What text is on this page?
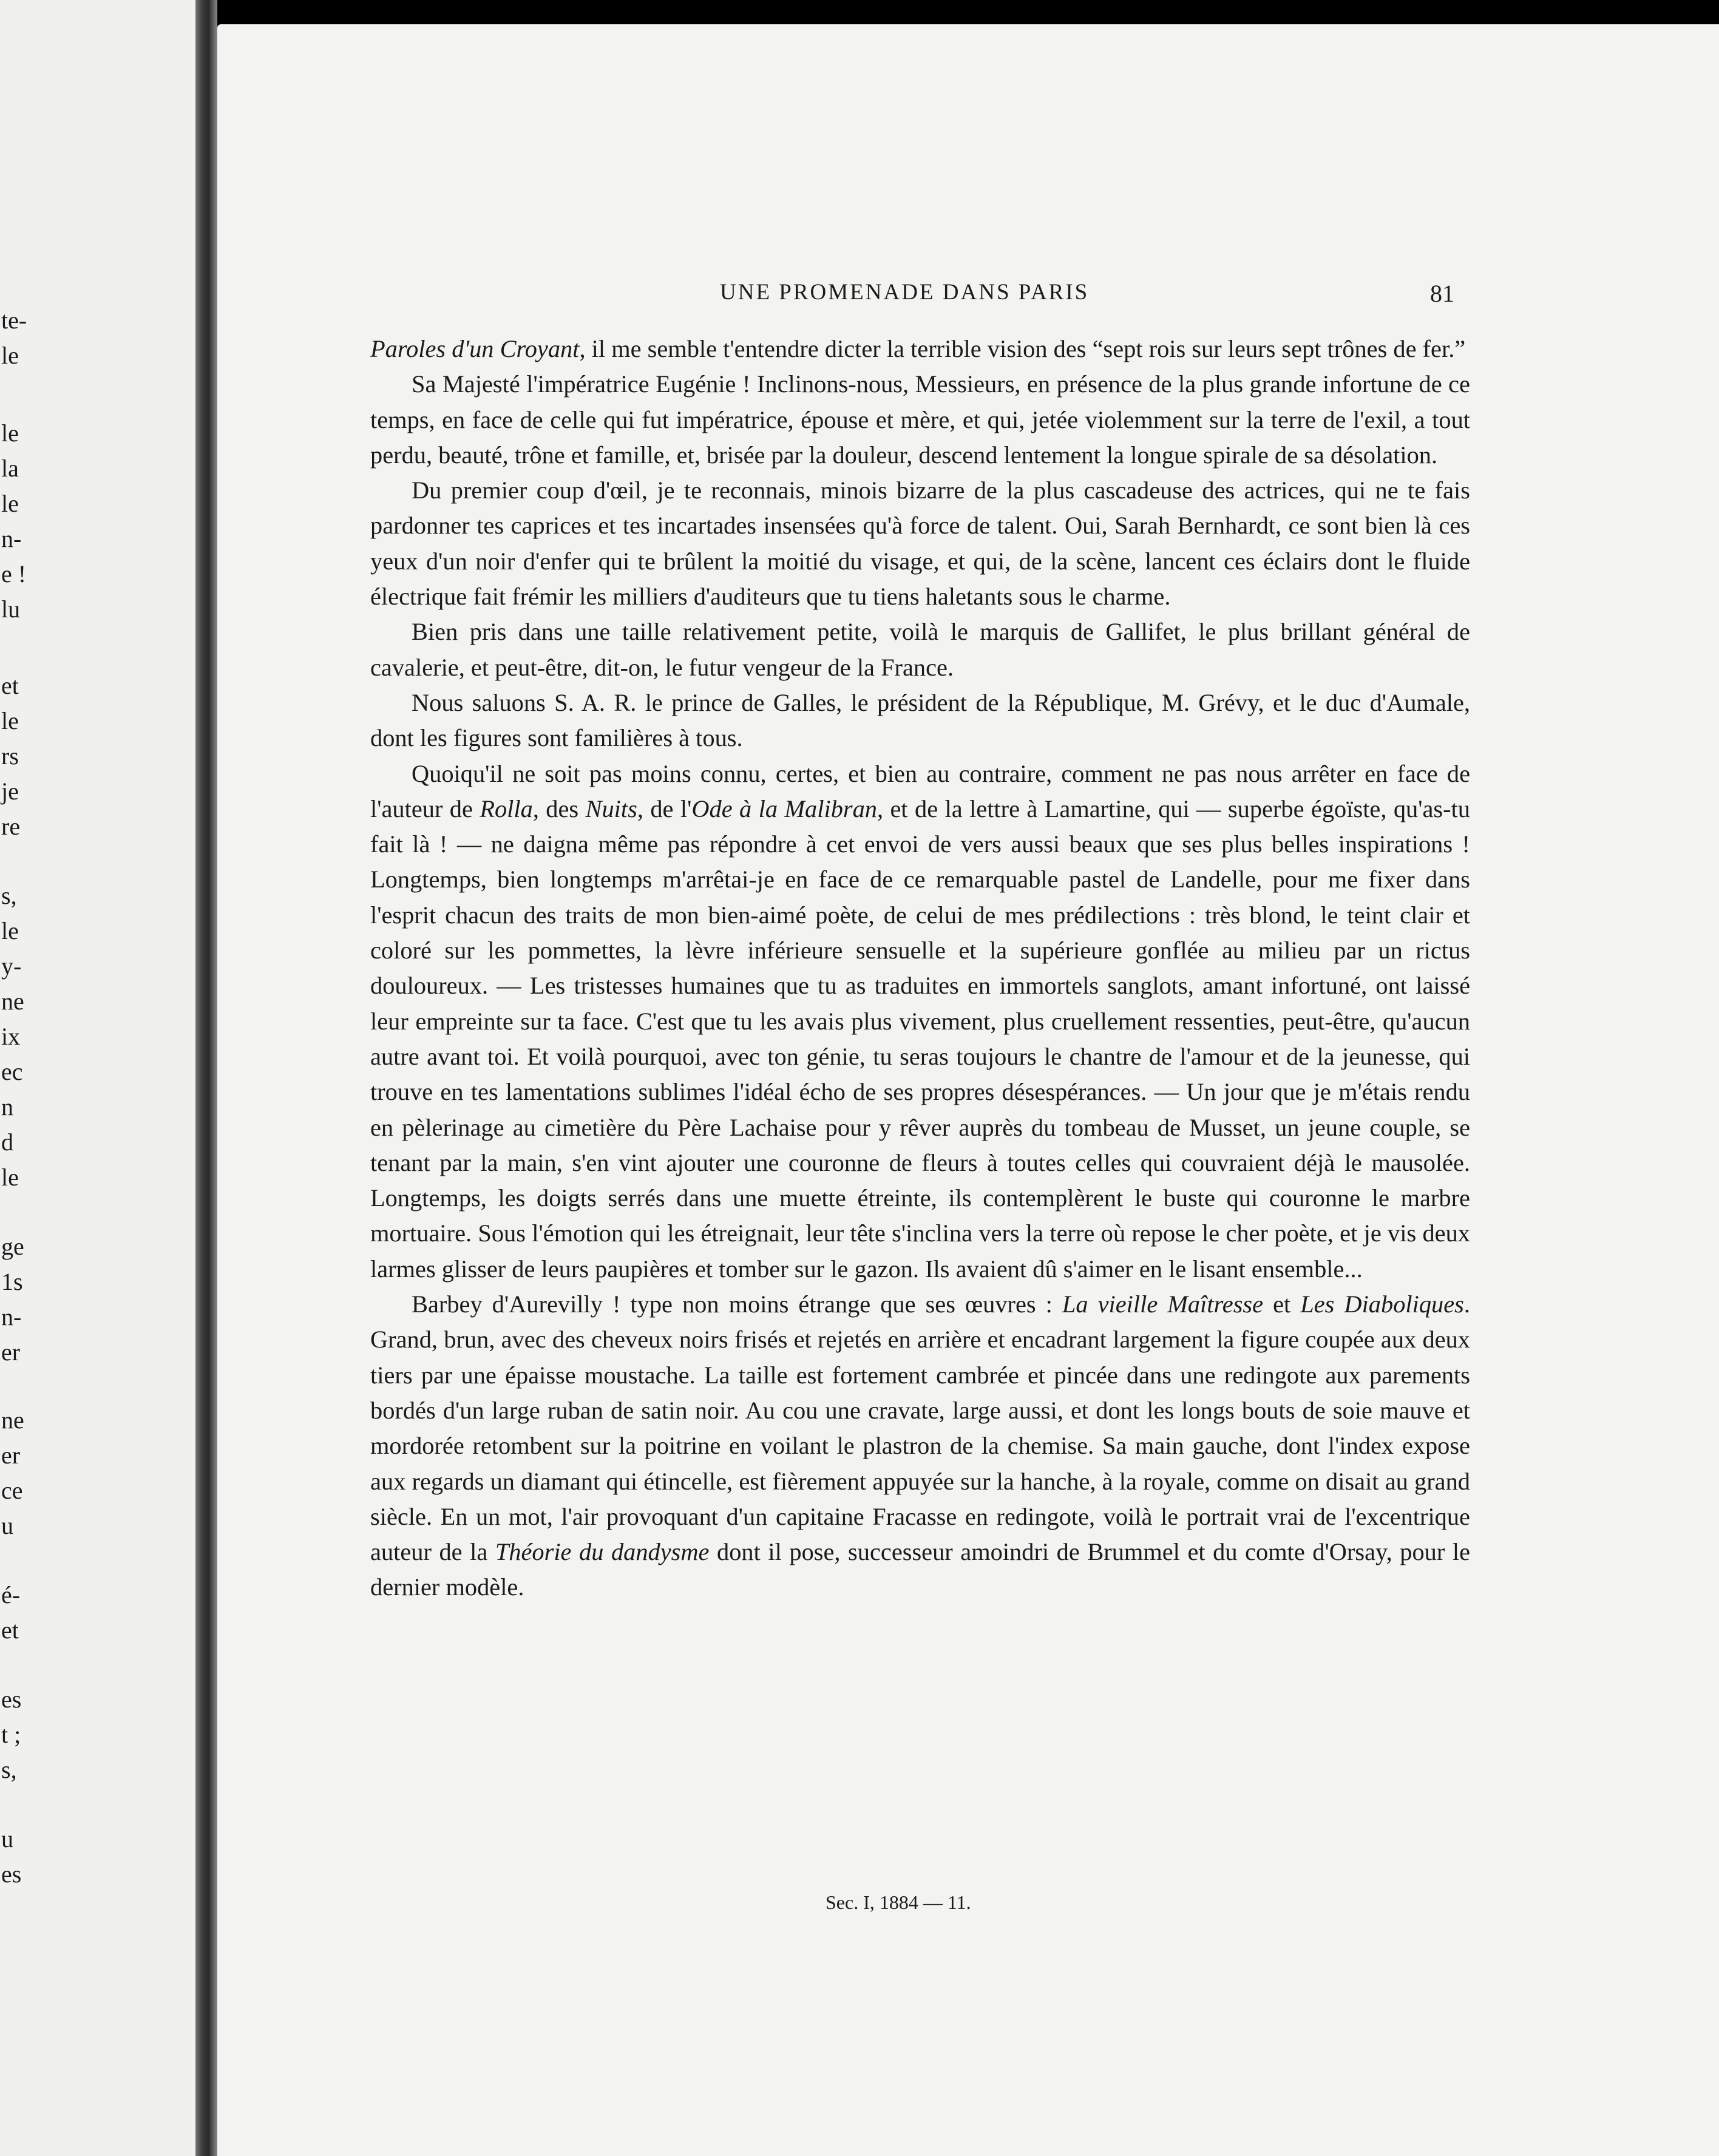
te-
le
le
la
le
n-
e !
lu
et
le
rs
je
re
s,
le
y-
ne
ix
ec
n
d
le
ge
1s
n-
er
ne
er
ce
u
é-
et
es
t ;
s,
u
es
UNE PROMENADE DANS PARIS	81

Paroles d'un Croyant, il me semble t'entendre dicter la terrible vision des “sept rois sur leurs sept trônes de fer.”

Sa Majesté l'impératrice Eugénie ! Inclinons-nous, Messieurs, en présence de la plus grande infortune de ce temps, en face de celle qui fut impératrice, épouse et mère, et qui, jetée violemment sur la terre de l'exil, a tout perdu, beauté, trône et famille, et, brisée par la douleur, descend lentement la longue spirale de sa désolation.

Du premier coup d'œil, je te reconnais, minois bizarre de la plus cascadeuse des actrices, qui ne te fais pardonner tes caprices et tes incartades insensées qu'à force de talent. Oui, Sarah Bernhardt, ce sont bien là ces yeux d'un noir d'enfer qui te brûlent la moitié du visage, et qui, de la scène, lancent ces éclairs dont le fluide électrique fait frémir les milliers d'auditeurs que tu tiens haletants sous le charme.

Bien pris dans une taille relativement petite, voilà le marquis de Gallifet, le plus brillant général de cavalerie, et peut-être, dit-on, le futur vengeur de la France.

Nous saluons S. A. R. le prince de Galles, le président de la République, M. Grévy, et le duc d'Aumale, dont les figures sont familières à tous.

Quoiqu'il ne soit pas moins connu, certes, et bien au contraire, comment ne pas nous arrêter en face de l'auteur de Rolla, des Nuits, de l'Ode à la Malibran, et de la lettre à Lamartine, qui — superbe égoïste, qu'as-tu fait là ! — ne daigna même pas répondre à cet envoi de vers aussi beaux que ses plus belles inspirations ! Longtemps, bien longtemps m'arrêtai-je en face de ce remarquable pastel de Landelle, pour me fixer dans l'esprit chacun des traits de mon bien-aimé poète, de celui de mes prédilections : très blond, le teint clair et coloré sur les pommettes, la lèvre inférieure sensuelle et la supérieure gonflée au milieu par un rictus douloureux. — Les tristesses humaines que tu as traduites en immortels sanglots, amant infortuné, ont laissé leur empreinte sur ta face. C'est que tu les avais plus vivement, plus cruellement ressenties, peut-être, qu'aucun autre avant toi. Et voilà pourquoi, avec ton génie, tu seras toujours le chantre de l'amour et de la jeunesse, qui trouve en tes lamentations sublimes l'idéal écho de ses propres désespérances. — Un jour que je m'étais rendu en pèlerinage au cimetière du Père Lachaise pour y rêver auprès du tombeau de Musset, un jeune couple, se tenant par la main, s'en vint ajouter une couronne de fleurs à toutes celles qui couvraient déjà le mausolée. Longtemps, les doigts serrés dans une muette étreinte, ils contemplèrent le buste qui couronne le marbre mortuaire. Sous l'émotion qui les étreignait, leur tête s'inclina vers la terre où repose le cher poète, et je vis deux larmes glisser de leurs paupières et tomber sur le gazon. Ils avaient dû s'aimer en le lisant ensemble...

Barbey d'Aurevilly ! type non moins étrange que ses œuvres : La vieille Maîtresse et Les Diaboliques. Grand, brun, avec des cheveux noirs frisés et rejetés en arrière et encadrant largement la figure coupée aux deux tiers par une épaisse moustache. La taille est fortement cambrée et pincée dans une redingote aux parements bordés d'un large ruban de satin noir. Au cou une cravate, large aussi, et dont les longs bouts de soie mauve et mordorée retombent sur la poitrine en voilant le plastron de la chemise. Sa main gauche, dont l'index expose aux regards un diamant qui étincelle, est fièrement appuyée sur la hanche, à la royale, comme on disait au grand siècle. En un mot, l'air provoquant d'un capitaine Fracasse en redingote, voilà le portrait vrai de l'excentrique auteur de la Théorie du dandysme dont il pose, successeur amoindri de Brummel et du comte d'Orsay, pour le dernier modèle.

Sec. I, 1884 — 11.
